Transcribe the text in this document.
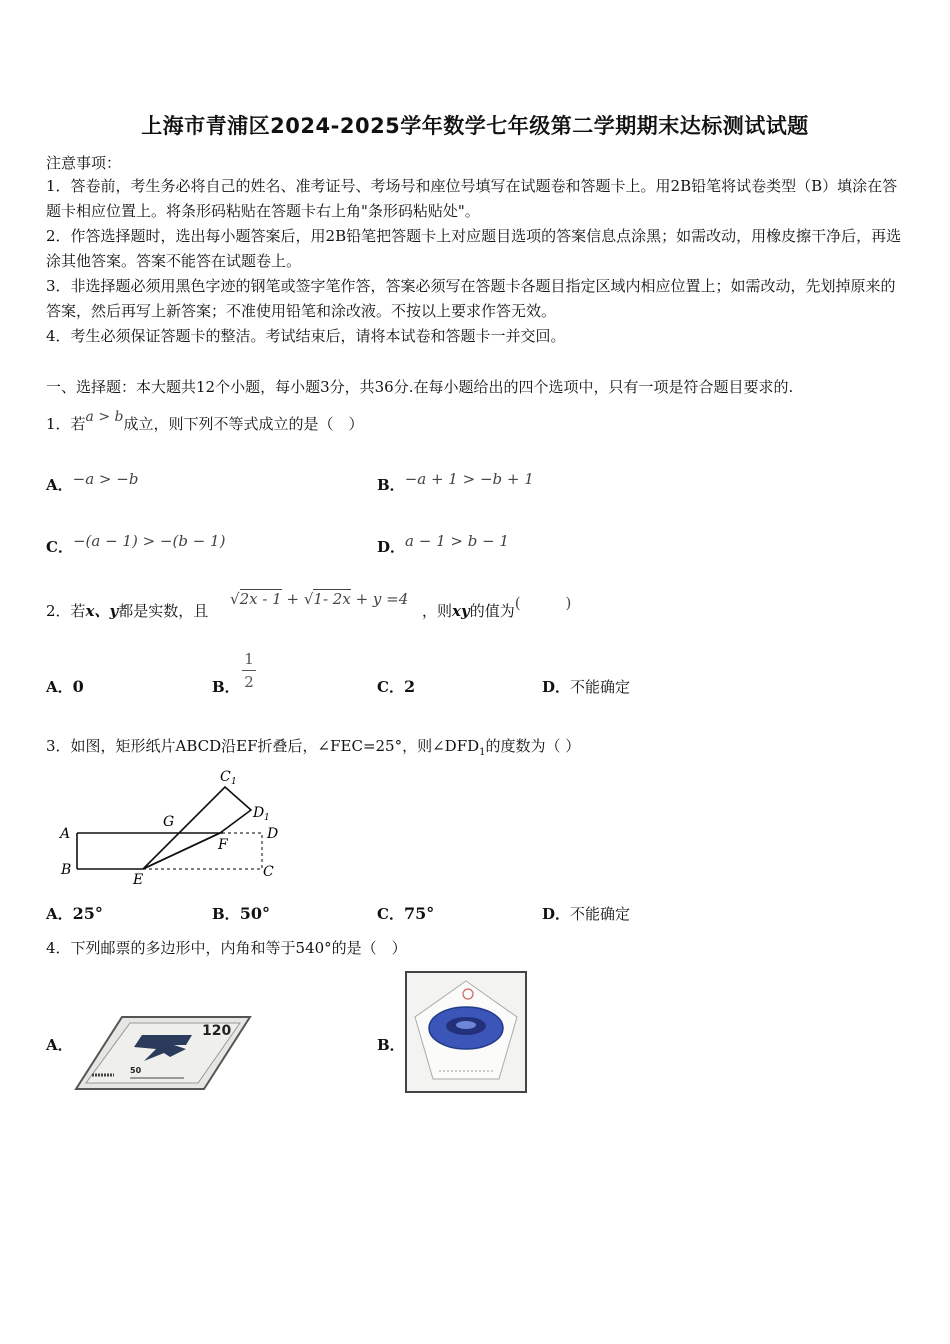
上海市青浦区2024-2025学年数学七年级第二学期期末达标测试试题
注意事项：
1．答卷前，考生务必将自己的姓名、准考证号、考场号和座位号填写在试题卷和答题卡上。用2B铅笔将试卷类型（B）填涂在答题卡相应位置上。将条形码粘贴在答题卡右上角"条形码粘贴处"。
2．作答选择题时，选出每小题答案后，用2B铅笔把答题卡上对应题目选项的答案信息点涂黑；如需改动，用橡皮擦干净后，再选涂其他答案。答案不能答在试题卷上。
3．非选择题必须用黑色字迹的钢笔或签字笔作答，答案必须写在答题卡各题目指定区域内相应位置上；如需改动，先划掉原来的答案，然后再写上新答案；不准使用铅笔和涂改液。不按以上要求作答无效。
4．考生必须保证答题卡的整洁。考试结束后，请将本试卷和答题卡一并交回。
一、选择题：本大题共12个小题，每小题3分，共36分.在每小题给出的四个选项中，只有一项是符合题目要求的.
1．若a > b成立，则下列不等式成立的是（　）
A．−a > −b	B．−a + 1 > −b + 1
C．−(a − 1) > −(b − 1)	D．a − 1 > b − 1
2．若x、y都是实数，且
√2x - 1 + √1- 2x + y =4
，则xy的值为(　　　)
A．0	B．
1
2	C．2	D．不能确定
3．如图，矩形纸片ABCD沿EF折叠后，∠FEC=25°，则$\angle DFD_1$的度数为（ ）
A
B
E	C
D
F
G
C 1
D 1
A．25°	B．50°	C．75°	D．不能确定
4．下列邮票的多边形中，内角和等于540°的是（　）
A．
120
50
B．
